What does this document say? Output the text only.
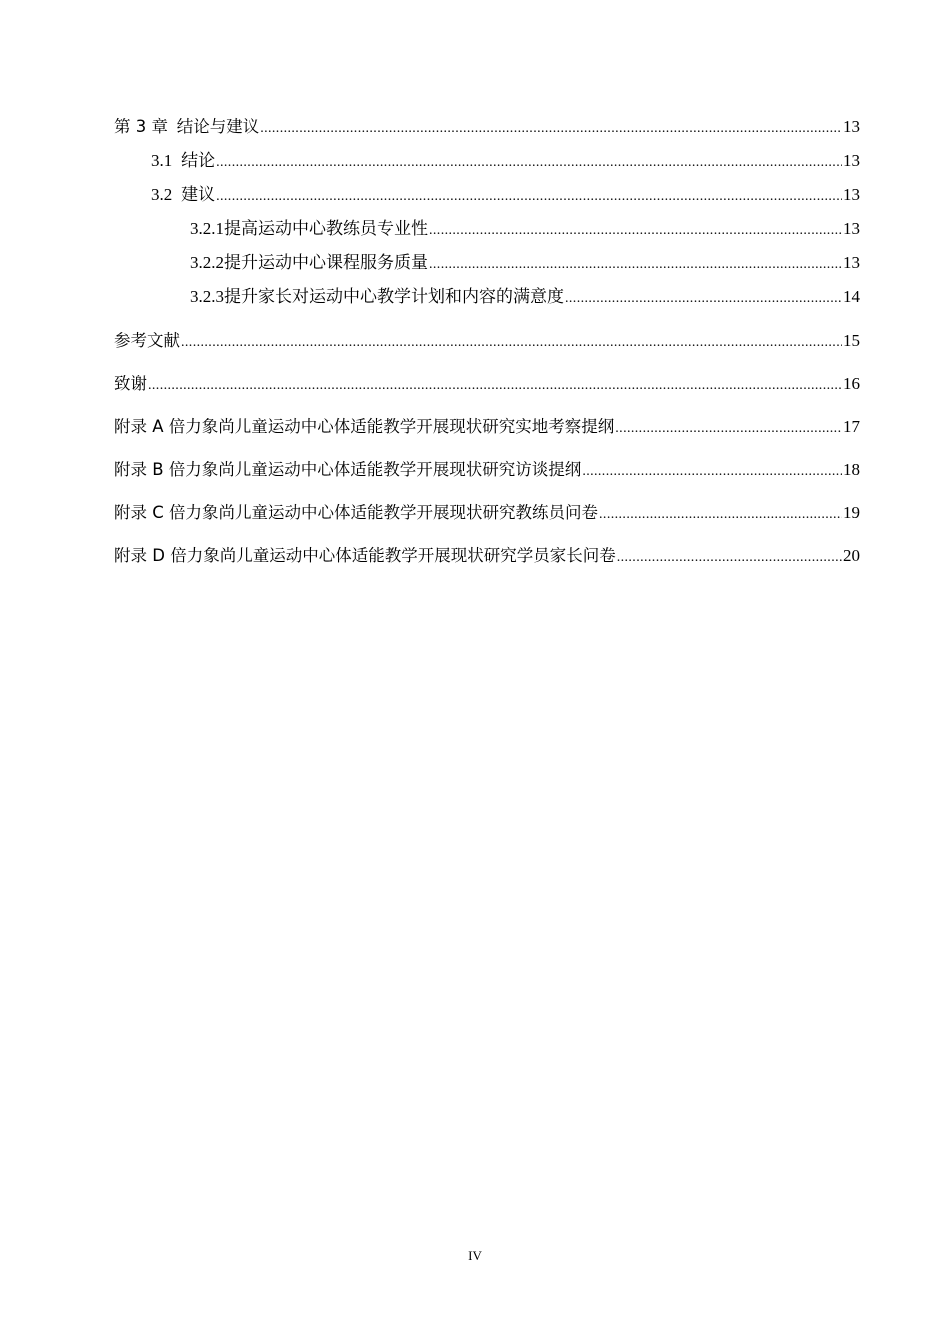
第 3 章 结论与建议 .....	13
3.1 结论 .....	13
3.2 建议 .....	13
3.2.1 提高运动中心教练员专业性 .....	13
3.2.2 提升运动中心课程服务质量 .....	13
3.2.3 提升家长对运动中心教学计划和内容的满意度 .....	14
参考文献 .....	15
致谢 .....	16
附录 A 倍力象尚儿童运动中心体适能教学开展现状研究实地考察提纲 .....	17
附录 B 倍力象尚儿童运动中心体适能教学开展现状研究访谈提纲 .....	18
附录 C 倍力象尚儿童运动中心体适能教学开展现状研究教练员问卷 .....	19
附录 D 倍力象尚儿童运动中心体适能教学开展现状研究学员家长问卷 .....	20
IV
